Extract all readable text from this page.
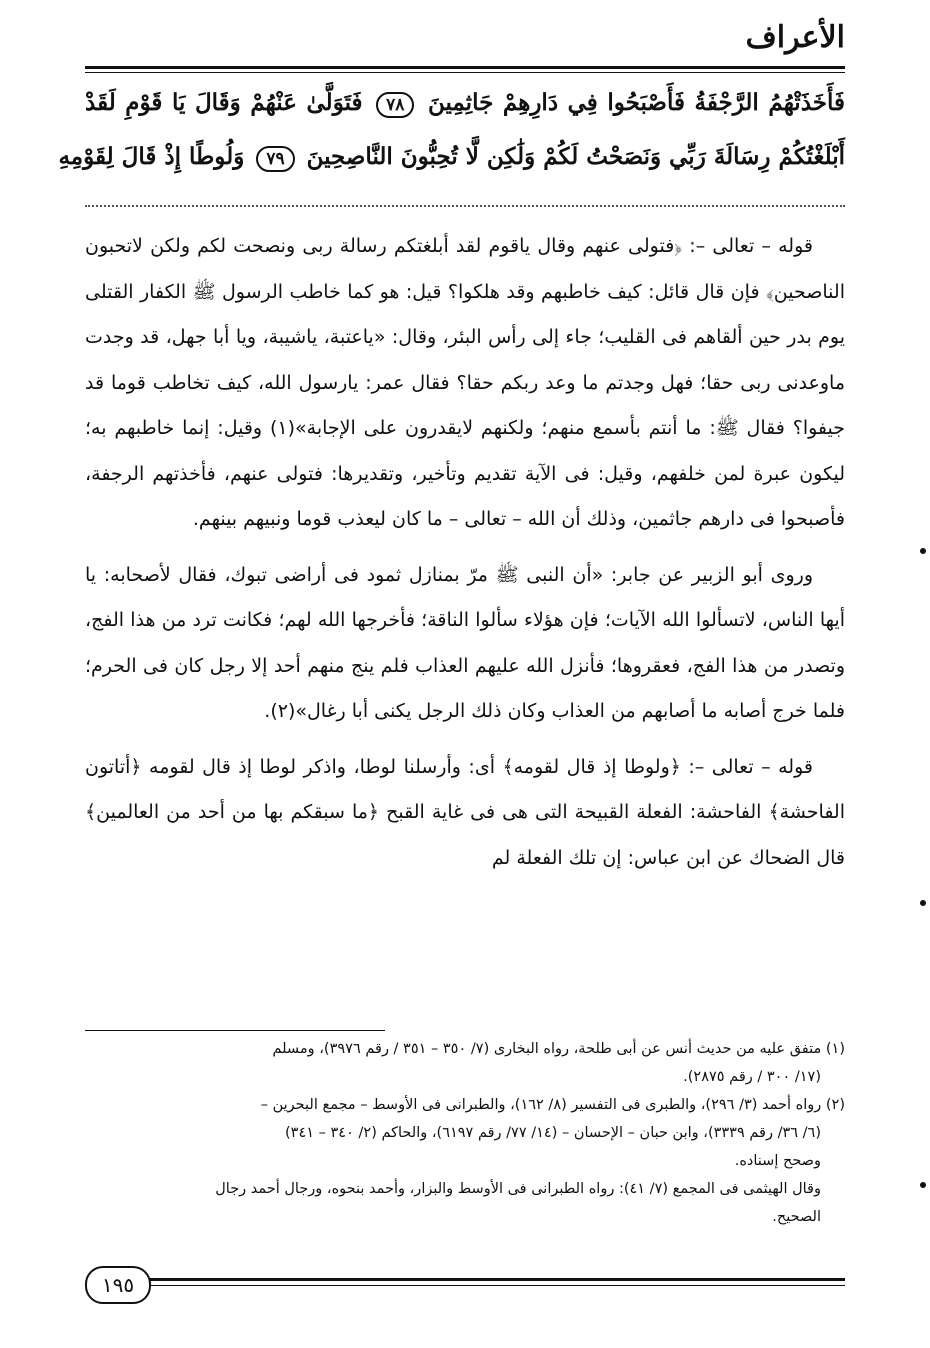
الأعراف
فَأَخَذَتْهُمُ الرَّجْفَةُ فَأَصْبَحُوا فِي دَارِهِمْ جَاثِمِينَ ٧٨ فَتَوَلَّىٰ عَنْهُمْ وَقَالَ يَا قَوْمِ لَقَدْ
أَبْلَغْتُكُمْ رِسَالَةَ رَبِّي وَنَصَحْتُ لَكُمْ وَلَٰكِن لَّا تُحِبُّونَ النَّاصِحِينَ ٧٩ وَلُوطًا إِذْ قَالَ لِقَوْمِهِ

قوله – تعالى –: ﴿فتولى عنهم وقال ياقوم لقد أبلغتكم رسالة ربى ونصحت لكم ولكن لاتحبون الناصحين﴾ فإن قال قائل: كيف خاطبهم وقد هلكوا؟ قيل: هو كما خاطب الرسول ﷺ الكفار القتلى يوم بدر حين ألقاهم فى القليب؛ جاء إلى رأس البئر، وقال: «ياعتبة، ياشيبة، ويا أبا جهل، قد وجدت ماوعدنى ربى حقا؛ فهل وجدتم ما وعد ربكم حقا؟ فقال عمر: يارسول الله، كيف تخاطب قوما قد جيفوا؟ فقال ﷺ: ما أنتم بأسمع منهم؛ ولكنهم لايقدرون على الإجابة»(١) وقيل: إنما خاطبهم به؛ ليكون عبرة لمن خلفهم، وقيل: فى الآية تقديم وتأخير، وتقديرها: فتولى عنهم، فأخذتهم الرجفة، فأصبحوا فى دارهم جاثمين، وذلك أن الله – تعالى – ما كان ليعذب قوما ونبيهم بينهم.

وروى أبو الزبير عن جابر: «أن النبى ﷺ مرّ بمنازل ثمود فى أراضى تبوك، فقال لأصحابه: يا أيها الناس، لاتسألوا الله الآيات؛ فإن هؤلاء سألوا الناقة؛ فأخرجها الله لهم؛ فكانت ترد من هذا الفج، وتصدر من هذا الفج، فعقروها؛ فأنزل الله عليهم العذاب فلم ينج منهم أحد إلا رجل كان فى الحرم؛ فلما خرج أصابه ما أصابهم من العذاب وكان ذلك الرجل يكنى أبا رغال»(٢).

قوله – تعالى –: ﴿ولوطا إذ قال لقومه﴾ أى: وأرسلنا لوطا، واذكر لوطا إذ قال لقومه ﴿أتاتون الفاحشة﴾ الفاحشة: الفعلة القبيحة التى هى فى غاية القبح ﴿ما سبقكم بها من أحد من العالمين﴾ قال الضحاك عن ابن عباس: إن تلك الفعلة لم

(١) متفق عليه من حديث أنس عن أبى طلحة، رواه البخارى (٧/ ٣٥٠ – ٣٥١ / رقم ٣٩٧٦)، ومسلم

(١٧/ ٣٠٠ / رقم ٢٨٧٥).

(٢) رواه أحمد (٣/ ٢٩٦)، والطبرى فى التفسير (٨/ ١٦٢)، والطبرانى فى الأوسط – مجمع البحرين –

(٦/ ٣٦/ رقم ٣٣٣٩)، وابن حبان – الإحسان – (١٤/ ٧٧/ رقم ٦١٩٧)، والحاكم (٢/ ٣٤٠ – ٣٤١)

وصحح إسناده.

وقال الهيثمى فى المجمع (٧/ ٤١): رواه الطبرانى فى الأوسط والبزار، وأحمد بنحوه، ورجال أحمد رجال

الصحيح.

١٩٥
